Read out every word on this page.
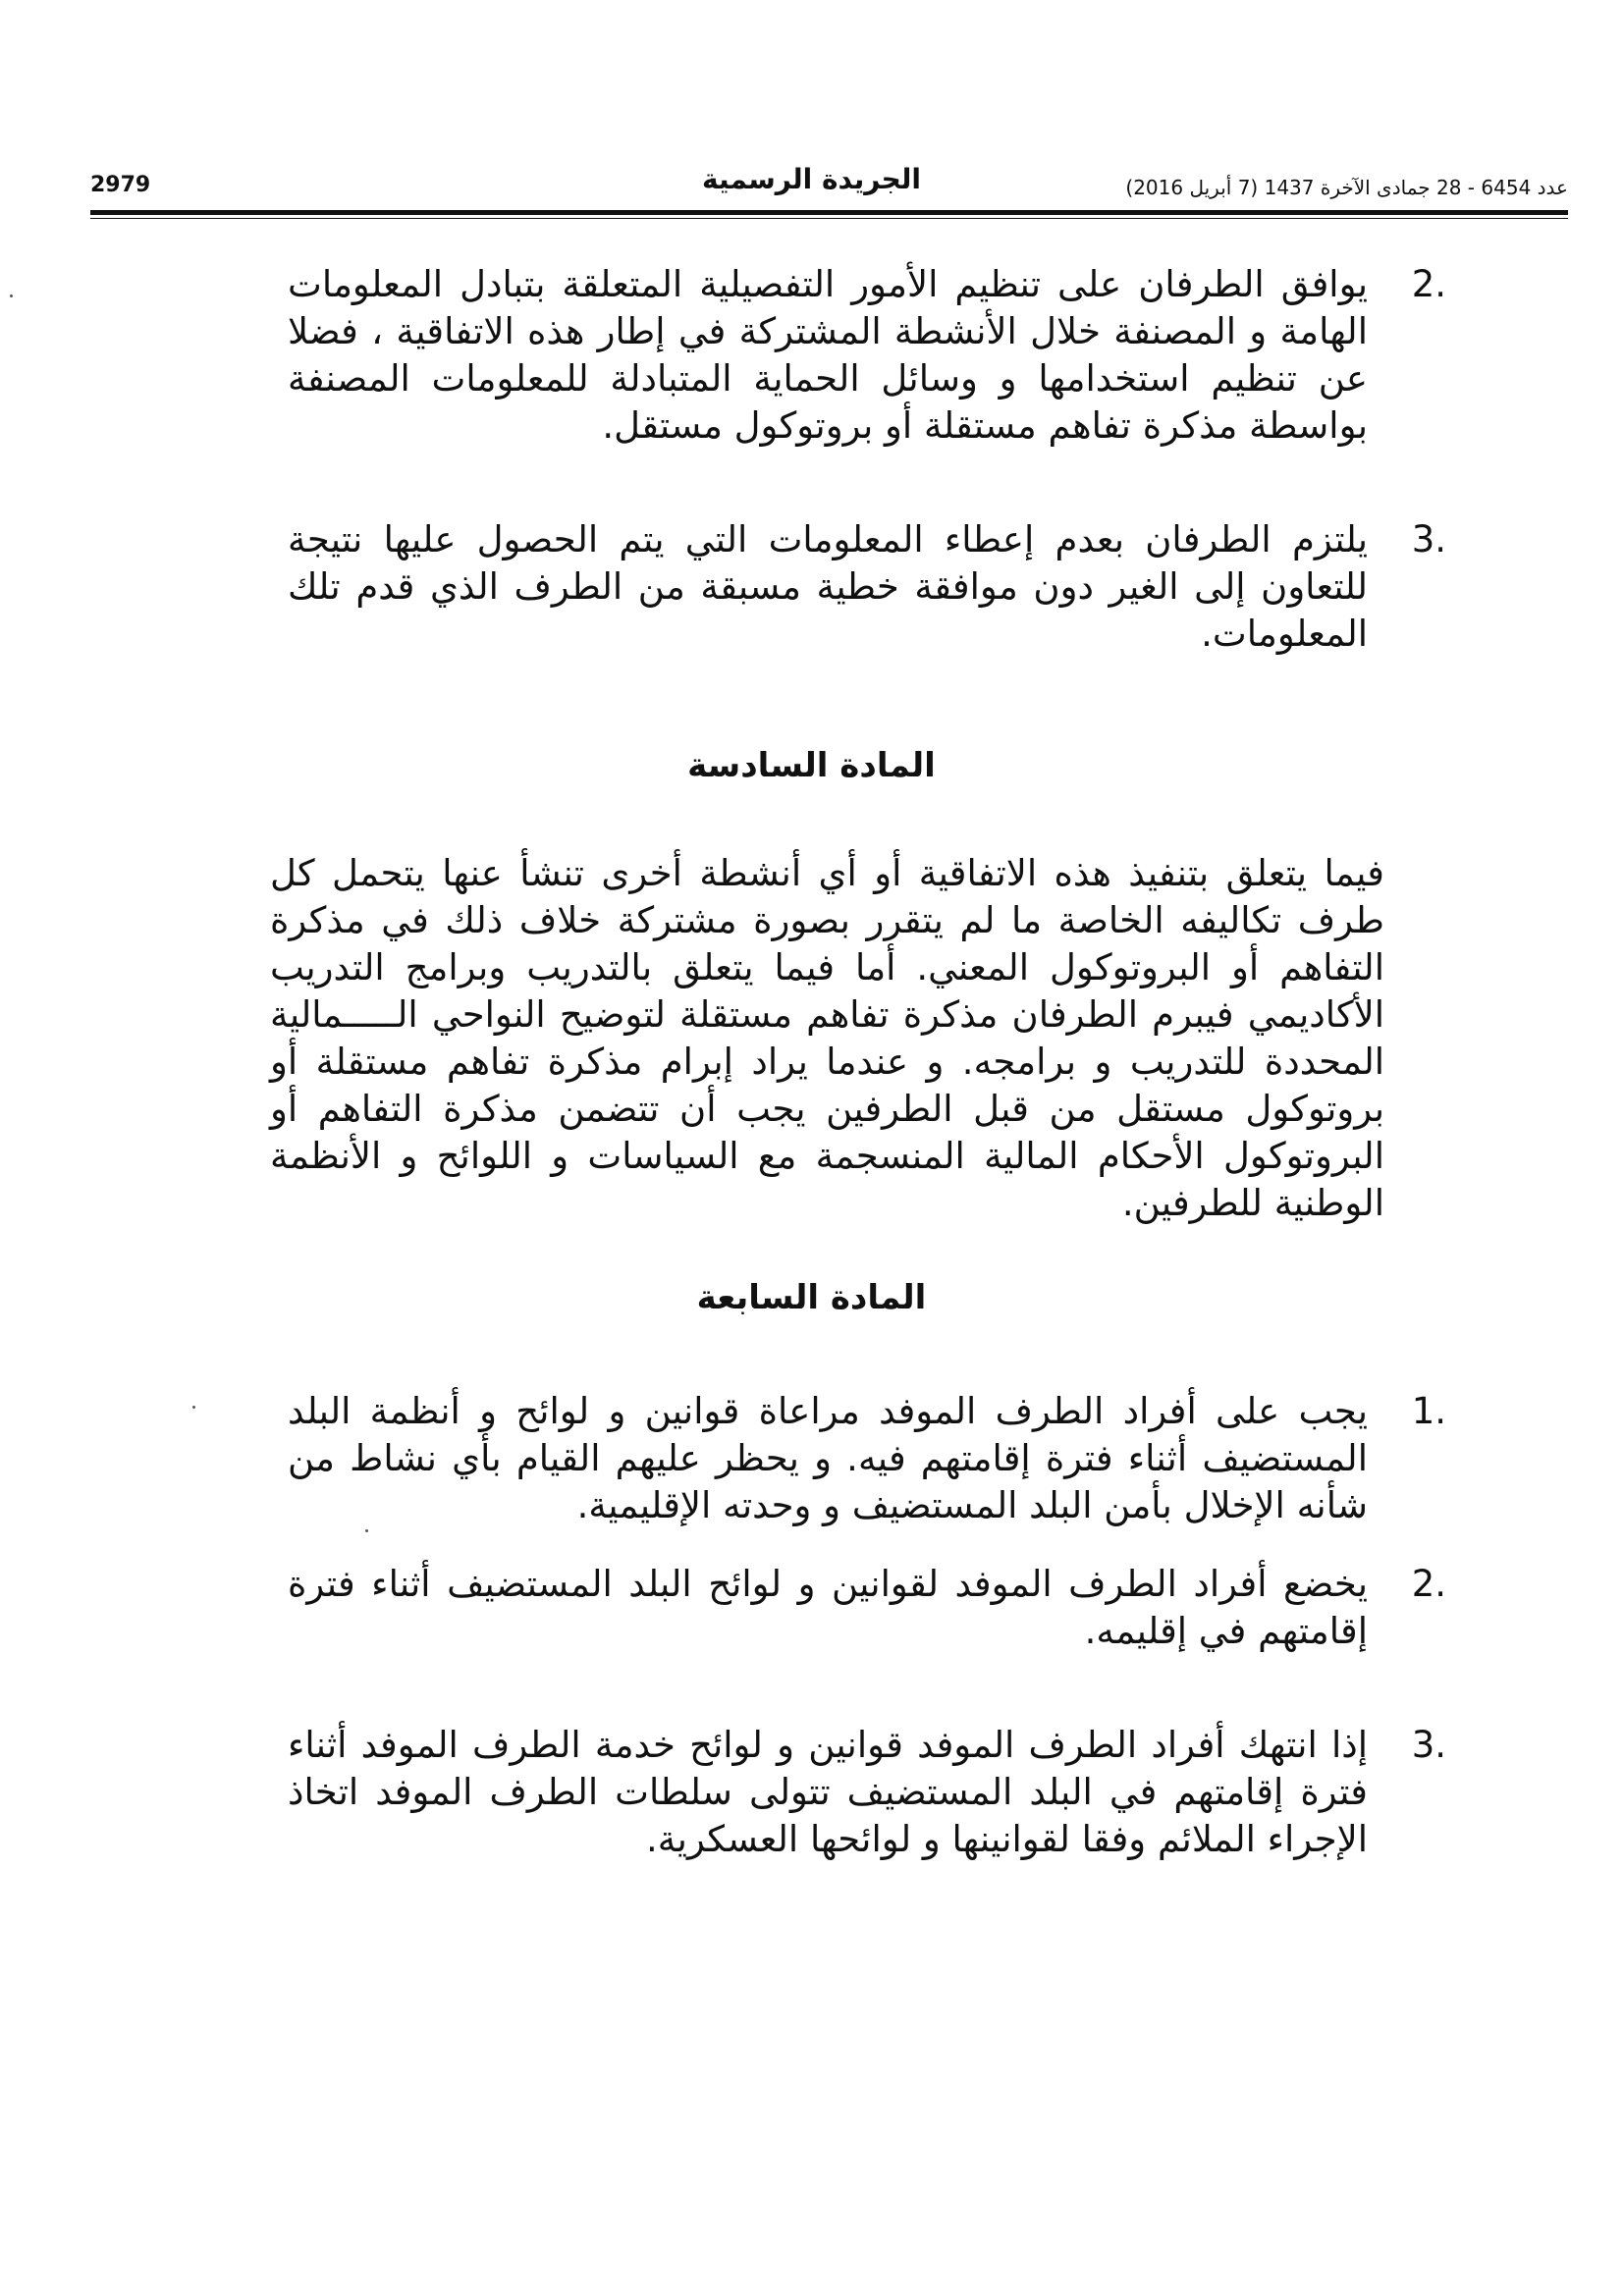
2979	الجريدة الرسمية	عدد 6454 - 28 جمادى الآخرة 1437 (7 أبريل 2016)
2.
يوافق الطرفان على تنظيم الأمور التفصيلية المتعلقة بتبادل المعلومات الهامة و المصنفة خلال الأنشطة المشتركة في إطار هذه الاتفاقية ، فضلا عن تنظيم استخدامها و وسائل الحماية المتبادلة للمعلومات المصنفة بواسطة مذكرة تفاهم مستقلة أو بروتوكول مستقل.
3.
يلتزم الطرفان بعدم إعطاء المعلومات التي يتم الحصول عليها نتيجة للتعاون إلى الغير دون موافقة خطية مسبقة من الطرف الذي قدم تلك المعلومات.
المادة السادسة
فيما يتعلق بتنفيذ هذه الاتفاقية أو أي أنشطة أخرى تنشأ عنها يتحمل كل طرف تكاليفه الخاصة ما لم يتقرر بصورة مشتركة خلاف ذلك في مذكرة التفاهم أو البروتوكول المعني. أما فيما يتعلق بالتدريب وبرامج التدريب الأكاديمي فيبرم الطرفان مذكرة تفاهم مستقلة لتوضيح النواحي الـــــمالية المحددة للتدريب و برامجه. و عندما يراد إبرام مذكرة تفاهم مستقلة أو بروتوكول مستقل من قبل الطرفين يجب أن تتضمن مذكرة التفاهم أو البروتوكول الأحكام المالية المنسجمة مع السياسات و اللوائح و الأنظمة الوطنية للطرفين.
المادة السابعة
1.
يجب على أفراد الطرف الموفد مراعاة قوانين و لوائح و أنظمة البلد المستضيف أثناء فترة إقامتهم فيه. و يحظر عليهم القيام بأي نشاط من شأنه الإخلال بأمن البلد المستضيف و وحدته الإقليمية.
2.
يخضع أفراد الطرف الموفد لقوانين و لوائح البلد المستضيف أثناء فترة إقامتهم في إقليمه.
3.
إذا انتهك أفراد الطرف الموفد قوانين و لوائح خدمة الطرف الموفد أثناء فترة إقامتهم في البلد المستضيف تتولى سلطات الطرف الموفد اتخاذ الإجراء الملائم وفقا لقوانينها و لوائحها العسكرية.
